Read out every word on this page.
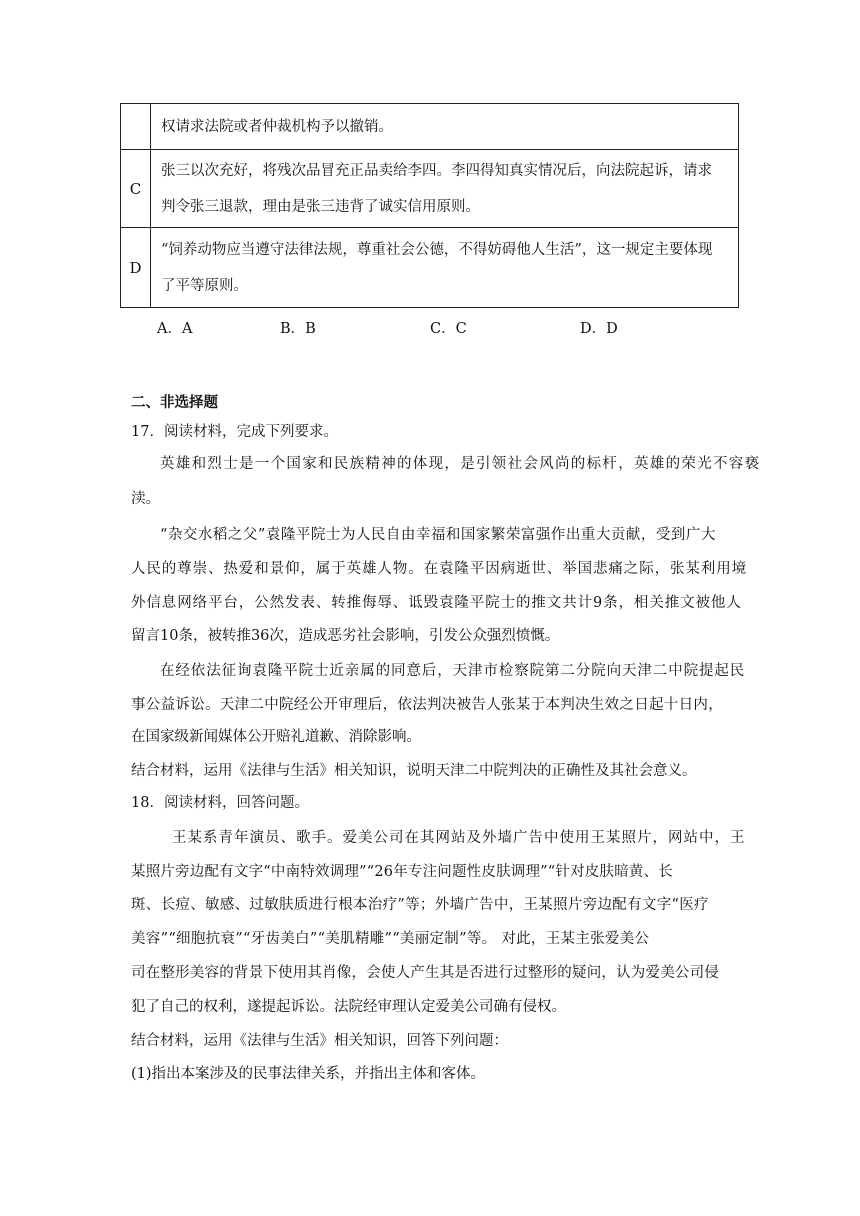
	权请求法院或者仲裁机构予以撤销。

C	张三以次充好，将残次品冒充正品卖给李四。李四得知真实情况后，向法院起诉，请求
判令张三退款，理由是张三违背了诚实信用原则。

D	“饲养动物应当遵守法律法规，尊重社会公德，不得妨碍他人生活”，这一规定主要体现
了平等原则。
A．A	B．B	C．C	D．D
二、非选择题
17．阅读材料，完成下列要求。
英雄和烈士是一个国家和民族精神的体现，是引领社会风尚的标杆，英雄的荣光不容亵
渎。
“杂交水稻之父”袁隆平院士为人民自由幸福和国家繁荣富强作出重大贡献，受到广大
人民的尊崇、热爱和景仰，属于英雄人物。在袁隆平因病逝世、举国悲痛之际，张某利用境
外信息网络平台，公然发表、转推侮辱、诋毁袁隆平院士的推文共计9条，相关推文被他人
留言10条，被转推36次，造成恶劣社会影响，引发公众强烈愤慨。
在经依法征询袁隆平院士近亲属的同意后，天津市检察院第二分院向天津二中院提起民
事公益诉讼。天津二中院经公开审理后，依法判决被告人张某于本判决生效之日起十日内，
在国家级新闻媒体公开赔礼道歉、消除影响。
结合材料，运用《法律与生活》相关知识，说明天津二中院判决的正确性及其社会意义。
18．阅读材料，回答问题。
王某系青年演员、歌手。爱美公司在其网站及外墙广告中使用王某照片，网站中，王
某照片旁边配有文字“中南特效调理”“26年专注问题性皮肤调理”“针对皮肤暗黄、长
斑、长痘、敏感、过敏肤质进行根本治疗”等；外墙广告中，王某照片旁边配有文字“医疗
美容”“细胞抗衰”“牙齿美白”“美肌精雕”“美丽定制”等。 对此，王某主张爱美公
司在整形美容的背景下使用其肖像，会使人产生其是否进行过整形的疑问，认为爱美公司侵
犯了自己的权利，遂提起诉讼。法院经审理认定爱美公司确有侵权。
结合材料，运用《法律与生活》相关知识，回答下列问题：
(1)指出本案涉及的民事法律关系，并指出主体和客体。
